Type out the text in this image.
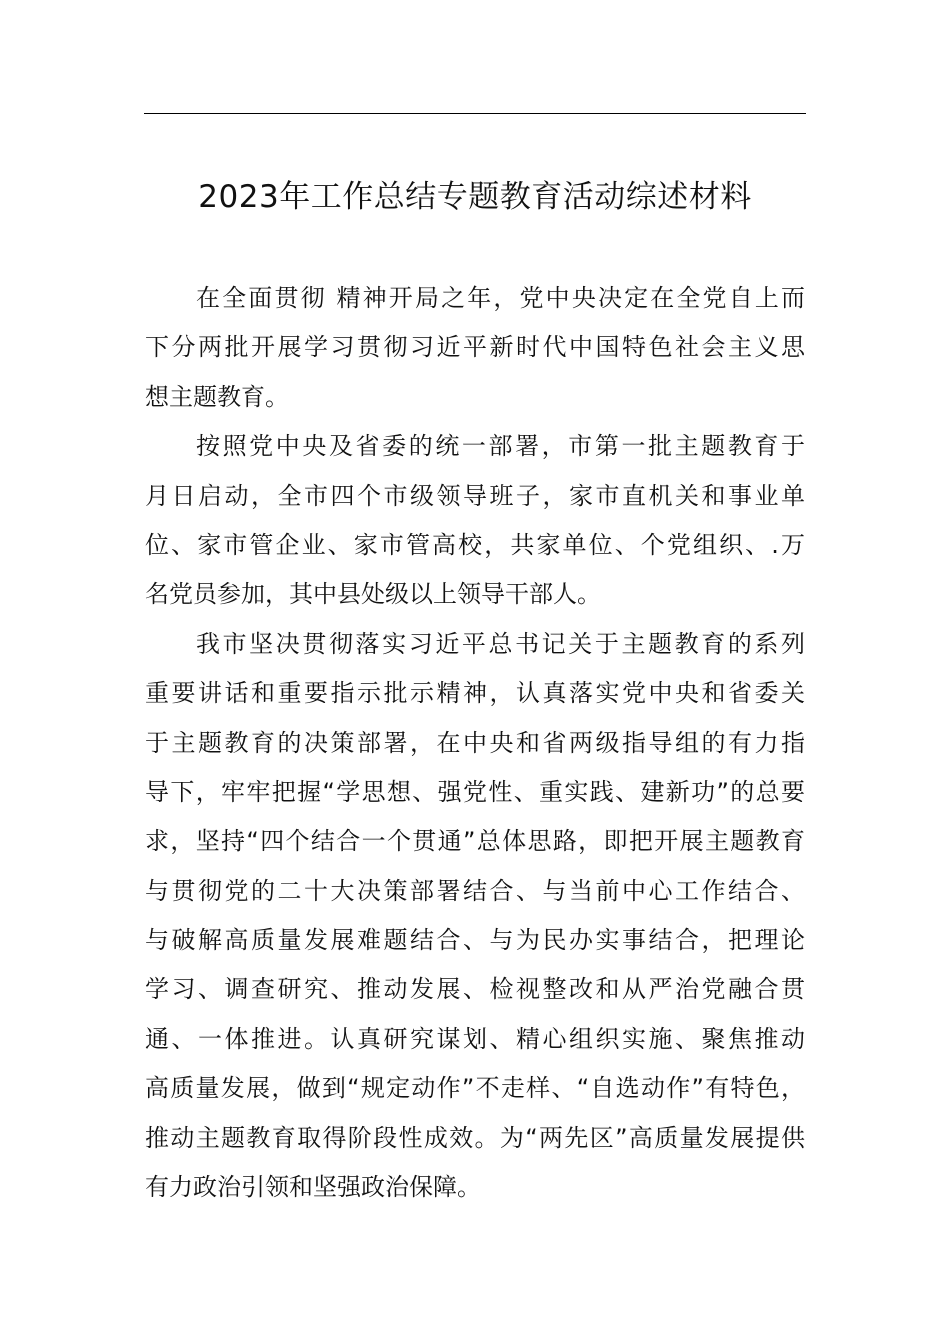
2023年工作总结专题教育活动综述材料
在全面贯彻 精神开局之年，党中央决定在全党自上而
下分两批开展学习贯彻习近平新时代中国特色社会主义思
想主题教育。
按照党中央及省委的统一部署，市第一批主题教育于
月日启动，全市四个市级领导班子，家市直机关和事业单
位、家市管企业、家市管高校，共家单位、个党组织、.万
名党员参加，其中县处级以上领导干部人。
我市坚决贯彻落实习近平总书记关于主题教育的系列
重要讲话和重要指示批示精神，认真落实党中央和省委关
于主题教育的决策部署，在中央和省两级指导组的有力指
导下，牢牢把握“学思想、强党性、重实践、建新功”的总要
求，坚持“四个结合一个贯通”总体思路，即把开展主题教育
与贯彻党的二十大决策部署结合、与当前中心工作结合、
与破解高质量发展难题结合、与为民办实事结合，把理论
学习、调查研究、推动发展、检视整改和从严治党融合贯
通、一体推进。认真研究谋划、精心组织实施、聚焦推动
高质量发展，做到“规定动作”不走样、“自选动作”有特色，
推动主题教育取得阶段性成效。为“两先区”高质量发展提供
有力政治引领和坚强政治保障。
